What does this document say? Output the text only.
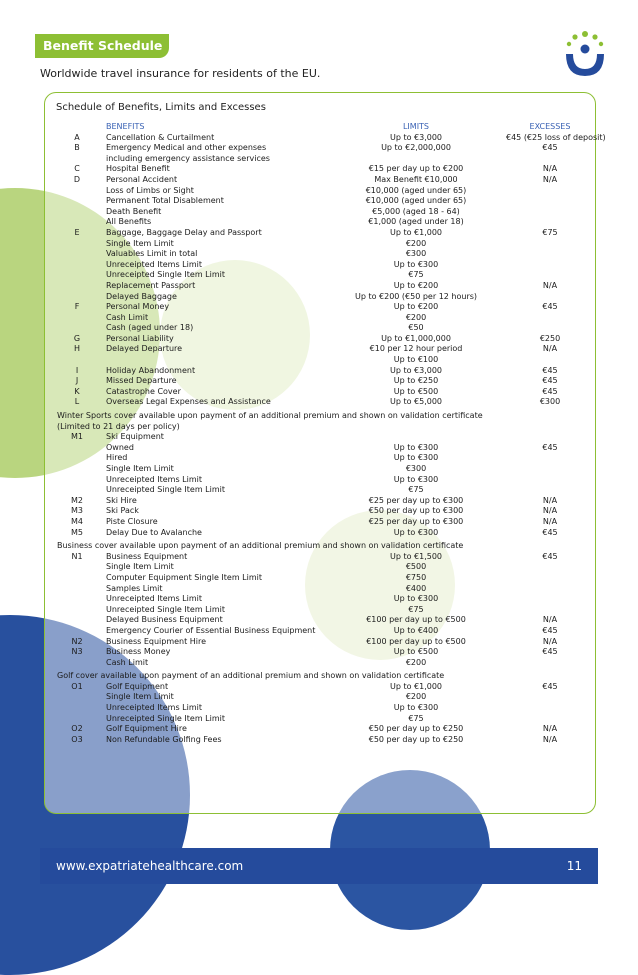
Benefit Schedule
Worldwide travel insurance for residents of the EU.
Schedule of Benefits, Limits and Excesses
BENEFITS	LIMITS	EXCESSES
A	Cancellation & Curtailment	Up to €3,000	€45 (€25 loss of deposit)
B	Emergency Medical and other expenses	Up to €2,000,000	€45
including emergency assistance services
C	Hospital Benefit	€15 per day up to €200	N/A
D	Personal Accident	Max Benefit €10,000	N/A
Loss of Limbs or Sight	€10,000 (aged under 65)
Permanent Total Disablement	€10,000 (aged under 65)
Death Benefit	€5,000 (aged 18 - 64)
All Benefits	€1,000 (aged under 18)
E	Baggage, Baggage Delay and Passport	Up to €1,000	€75
Single Item Limit	€200
Valuables Limit in total	€300
Unreceipted Items Limit	Up to €300
Unreceipted Single Item Limit	€75
Replacement Passport	Up to €200	N/A
Delayed Baggage	Up to €200 (€50 per 12 hours)
F	Personal Money	Up to €200	€45
Cash Limit	€200
Cash (aged under 18)	€50
G	Personal Liability	Up to €1,000,000	€250
H	Delayed Departure	€10 per 12 hour period	N/A
Up to €100
I	Holiday Abandonment	Up to €3,000	€45
J	Missed Departure	Up to €250	€45
K	Catastrophe Cover	Up to €500	€45
L	Overseas Legal Expenses and Assistance	Up to €5,000	€300
Winter Sports cover available upon payment of an additional premium and shown on validation certificate
(Limited to 21 days per policy)
M1	Ski Equipment
Owned	Up to €300	€45
Hired	Up to €300
Single Item Limit	€300
Unreceipted Items Limit	Up to €300
Unreceipted Single Item Limit	€75
M2	Ski Hire	€25 per day up to €300	N/A
M3	Ski Pack	€50 per day up to €300	N/A
M4	Piste Closure	€25 per day up to €300	N/A
M5	Delay Due to Avalanche	Up to €300	€45
Business cover available upon payment of an additional premium and shown on validation certificate
N1	Business Equipment	Up to €1,500	€45
Single Item Limit	€500
Computer Equipment Single Item Limit	€750
Samples Limit	€400
Unreceipted Items Limit	Up to €300
Unreceipted Single Item Limit	€75
Delayed Business Equipment	€100 per day up to €500	N/A
Emergency Courier of Essential Business Equipment	Up to €400	€45
N2	Business Equipment Hire	€100 per day up to €500	N/A
N3	Business Money	Up to €500	€45
Cash Limit	€200
Golf cover available upon payment of an additional premium and shown on validation certificate
O1	Golf Equipment	Up to €1,000	€45
Single Item Limit	€200
Unreceipted Items Limit	Up to €300
Unreceipted Single Item Limit	€75
O2	Golf Equipment Hire	€50 per day up to €250	N/A
O3	Non Refundable Golfing Fees	€50 per day up to €250	N/A
www.expatriatehealthcare.com	11
